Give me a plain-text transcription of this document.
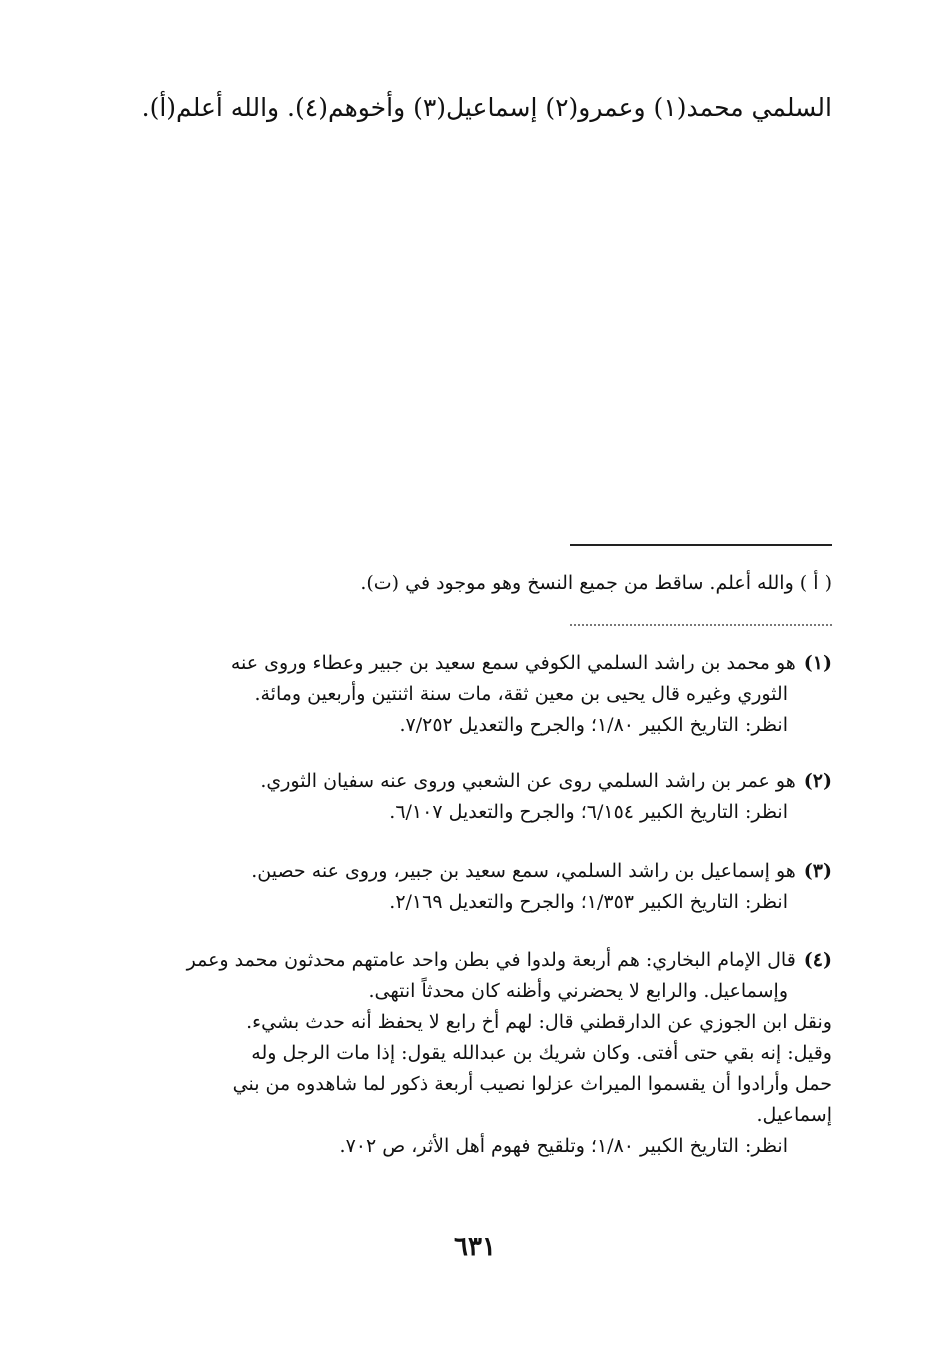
السلمي محمد(١) وعمرو(٢) إسماعيل(٣) وأخوهم(٤). والله أعلم(أ).
( أ ) والله أعلم. ساقط من جميع النسخ وهو موجود في (ت).
(١)هو محمد بن راشد السلمي الكوفي سمع سعيد بن جبير وعطاء وروى عنه
الثوري وغيره قال يحيى بن معين ثقة، مات سنة اثنتين وأربعين ومائة.
انظر: التاريخ الكبير ١/٨٠؛ والجرح والتعديل ٧/٢٥٢.
(٢)هو عمر بن راشد السلمي روى عن الشعبي وروى عنه سفيان الثوري.
انظر: التاريخ الكبير ٦/١٥٤؛ والجرح والتعديل ٦/١٠٧.
(٣)هو إسماعيل بن راشد السلمي، سمع سعيد بن جبير، وروى عنه حصين.
انظر: التاريخ الكبير ١/٣٥٣؛ والجرح والتعديل ٢/١٦٩.
(٤)قال الإمام البخاري: هم أربعة ولدوا في بطن واحد عامتهم محدثون محمد وعمر
وإسماعيل. والرابع لا يحضرني وأظنه كان محدثاً انتهى.
ونقل ابن الجوزي عن الدارقطني قال: لهم أخ رابع لا يحفظ أنه حدث بشيء.
وقيل: إنه بقي حتى أفتى. وكان شريك بن عبدالله يقول: إذا مات الرجل وله
حمل وأرادوا أن يقسموا الميراث عزلوا نصيب أربعة ذكور لما شاهدوه من بني
إسماعيل.
انظر: التاريخ الكبير ١/٨٠؛ وتلقيح فهوم أهل الأثر، ص ٧٠٢.
٦٣١
